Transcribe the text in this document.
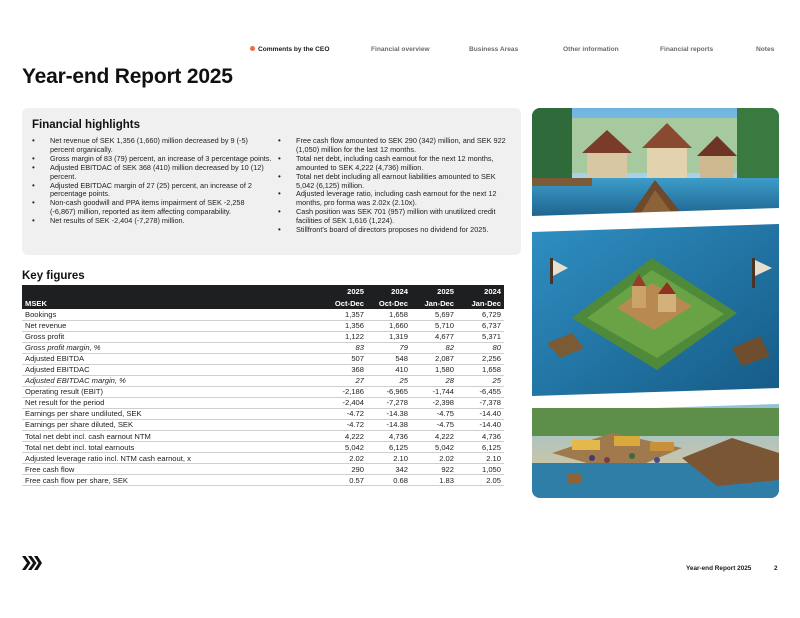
Comments by the CEO	Financial overview	Business Areas	Other information	Financial reports	Notes
Year-end Report 2025
Financial highlights
• Net revenue of SEK 1,356 (1,660) million decreased by 9 (-5) percent organically.
• Gross margin of 83 (79) percent, an increase of 3 percentage points.
• Adjusted EBITDAC of SEK 368 (410) million decreased by 10 (12) percent.
• Adjusted EBITDAC margin of 27 (25) percent, an increase of 2 percentage points.
• Non-cash goodwill and PPA items impairment of SEK -2,258 (-6,867) million, reported as item affecting comparability.
• Net results of SEK -2,404 (-7,278) million.
• Free cash flow amounted to SEK 290 (342) million, and SEK 922 (1,050) million for the last 12 months.
• Total net debt, including cash earnout for the next 12 months, amounted to SEK 4,222 (4,736) million.
• Total net debt including all earnout liabilities amounted to SEK 5,042 (6,125) million.
• Adjusted leverage ratio, including cash earnout for the next 12 months, pro forma was 2.02x (2.10x).
• Cash position was SEK 701 (957) million with unutilized credit facilities of SEK 1,616 (1,224).
• Stillfront's board of directors proposes no dividend for 2025.
Key figures
	2025	2024	2025	2024
MSEK	Oct-Dec	Oct-Dec	Jan-Dec	Jan-Dec
Bookings	1,357	1,658	5,697	6,729
Net revenue	1,356	1,660	5,710	6,737
Gross profit	1,122	1,319	4,677	5,371
Gross profit margin, %	83	79	82	80
Adjusted EBITDA	507	548	2,087	2,256
Adjusted EBITDAC	368	410	1,580	1,658
Adjusted EBITDAC margin, %	27	25	28	25
Operating result (EBIT)	-2,186	-6,965	-1,744	-6,455
Net result for the period	-2,404	-7,278	-2,398	-7,378
Earnings per share undiluted, SEK	-4.72	-14.38	-4.75	-14.40
Earnings per share diluted, SEK	-4.72	-14.38	-4.75	-14.40
Total net debt incl. cash earnout NTM	4,222	4,736	4,222	4,736
Total net debt incl. total earnouts	5,042	6,125	5,042	6,125
Adjusted leverage ratio incl. NTM cash earnout, x	2.02	2.10	2.02	2.10
Free cash flow	290	342	922	1,050
Free cash flow per share, SEK	0.57	0.68	1.83	2.05
Year-end Report 2025	2
